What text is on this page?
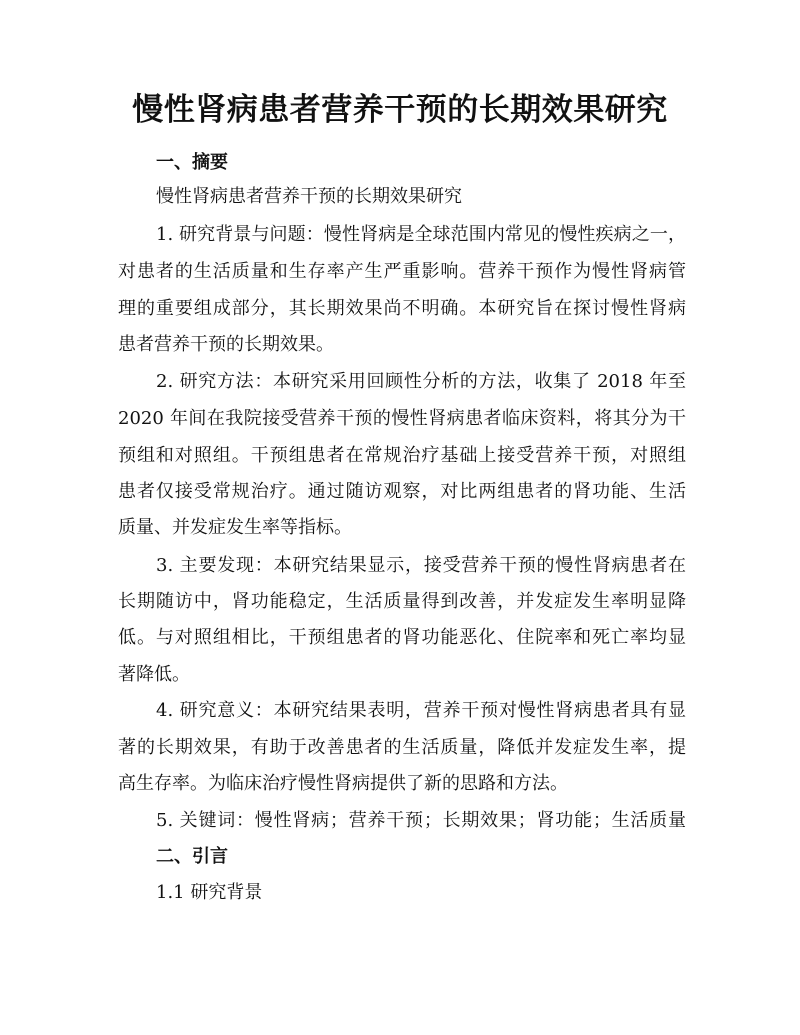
慢性肾病患者营养干预的长期效果研究
一、摘要
慢性肾病患者营养干预的长期效果研究
1. 研究背景与问题：慢性肾病是全球范围内常见的慢性疾病之一，
对患者的生活质量和生存率产生严重影响。营养干预作为慢性肾病管
理的重要组成部分，其长期效果尚不明确。本研究旨在探讨慢性肾病
患者营养干预的长期效果。
2. 研究方法：本研究采用回顾性分析的方法，收集了 2018 年至
2020 年间在我院接受营养干预的慢性肾病患者临床资料，将其分为干
预组和对照组。干预组患者在常规治疗基础上接受营养干预，对照组
患者仅接受常规治疗。通过随访观察，对比两组患者的肾功能、生活
质量、并发症发生率等指标。
3. 主要发现：本研究结果显示，接受营养干预的慢性肾病患者在
长期随访中，肾功能稳定，生活质量得到改善，并发症发生率明显降
低。与对照组相比，干预组患者的肾功能恶化、住院率和死亡率均显
著降低。
4. 研究意义：本研究结果表明，营养干预对慢性肾病患者具有显
著的长期效果，有助于改善患者的生活质量，降低并发症发生率，提
高生存率。为临床治疗慢性肾病提供了新的思路和方法。
5. 关键词：慢性肾病；营养干预；长期效果；肾功能；生活质量
二、引言
1.1 研究背景
